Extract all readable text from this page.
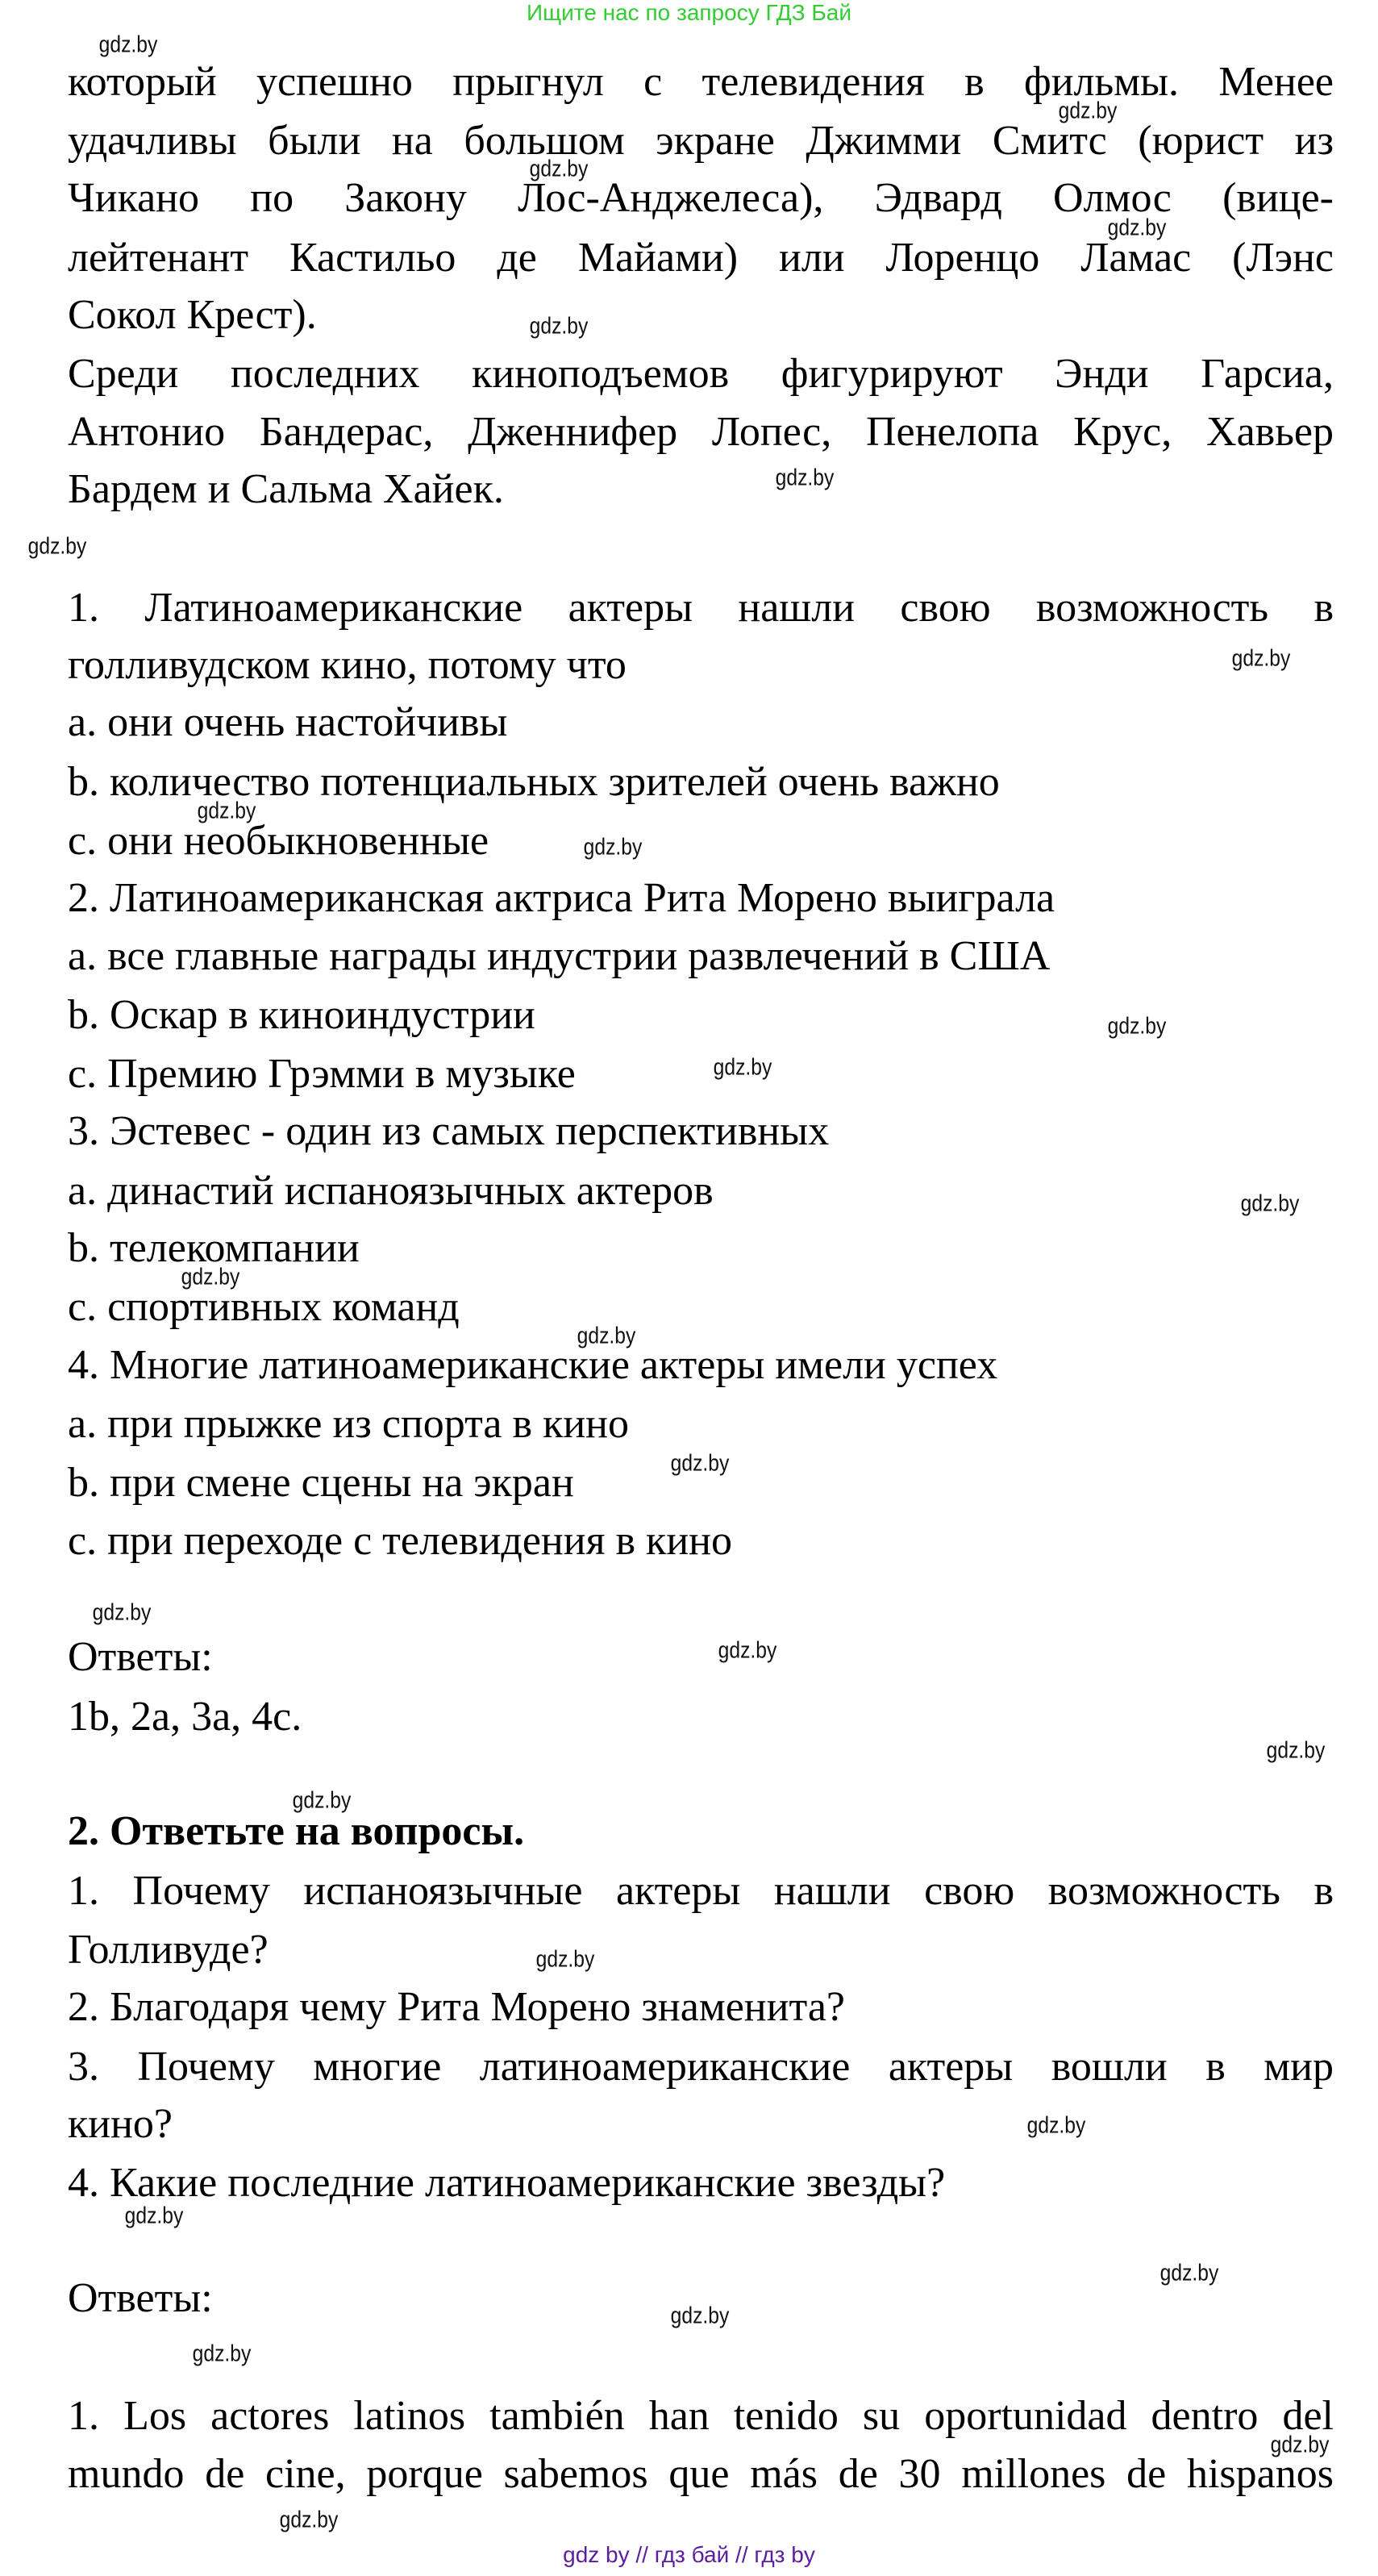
Ищите нас по запросу ГДЗ Бай
который успешно прыгнул с телевидения в фильмы. Менее
удачливы были на большом экране Джимми Смитс (юрист из
Чикано по Закону Лос-Анджелеса), Эдвард Олмос (вице-
лейтенант Кастильо де Майами) или Лоренцо Ламас (Лэнс
Сокол Крест).
Среди последних киноподъемов фигурируют Энди Гарсиа,
Антонио Бандерас, Дженнифер Лопес, Пенелопа Крус, Хавьер
Бардем и Сальма Хайек.
1. Латиноамериканские актеры нашли свою возможность в
голливудском кино, потому что
a. они очень настойчивы
b. количество потенциальных зрителей очень важно
c. они необыкновенные
2. Латиноамериканская актриса Рита Морено выиграла
a. все главные награды индустрии развлечений в США
b. Оскар в киноиндустрии
c. Премию Грэмми в музыке
3. Эстевес - один из самых перспективных
a. династий испаноязычных актеров
b. телекомпании
c. спортивных команд
4. Многие латиноамериканские актеры имели успех
a. при прыжке из спорта в кино
b. при смене сцены на экран
c. при переходе с телевидения в кино
Ответы:
1b, 2a, 3a, 4c.
2. Ответьте на вопросы.
1. Почему испаноязычные актеры нашли свою возможность в
Голливуде?
2. Благодаря чему Рита Морено знаменита?
3. Почему многие латиноамериканские актеры вошли в мир
кино?
4. Какие последние латиноамериканские звезды?
Ответы:
1. Los actores latinos también han tenido su oportunidad dentro del
mundo de cine, porque sabemos que más de 30 millones de hispanos
gdz.by
gdz.by
gdz.by
gdz.by
gdz.by
gdz.by
gdz.by
gdz.by
gdz.by
gdz.by
gdz.by
gdz.by
gdz.by
gdz.by
gdz.by
gdz.by
gdz.by
gdz.by
gdz.by
gdz.by
gdz.by
gdz.by
gdz.by
gdz.by
gdz.by
gdz.by
gdz.by
gdz.by
gdz by // гдз бай // гдз by
